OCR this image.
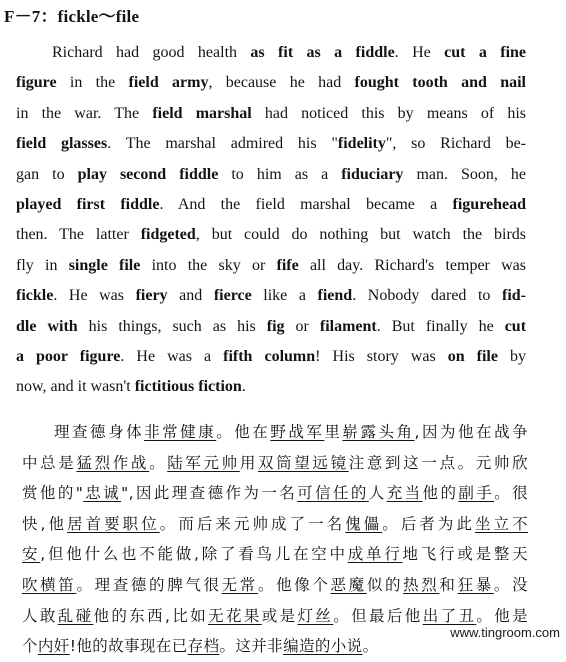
F－7：fickle～file
Richard had good health as fit as a fiddle. He cut a fine
figure in the field army, because he had fought tooth and nail
in the war. The field marshal had noticed this by means of his
field glasses. The marshal admired his "fidelity", so Richard be-
gan to play second fiddle to him as a fiduciary man. Soon, he
played first fiddle. And the field marshal became a figurehead
then. The latter fidgeted, but could do nothing but watch the birds
fly in single file into the sky or fife all day. Richard's temper was
fickle. He was fiery and fierce like a fiend. Nobody dared to fid-
dle with his things, such as his fig or filament. But finally he cut
a poor figure. He was a fifth column! His story was on file by
now, and it wasn't fictitious fiction.
理查德身体非常健康。他在野战军里崭露头角,因为他在战争
中总是猛烈作战。陆军元帅用双筒望远镜注意到这一点。元帅欣
赏他的"忠诚",因此理查德作为一名可信任的人充当他的副手。很
快,他居首要职位。而后来元帅成了一名傀儡。后者为此坐立不
安,但他什么也不能做,除了看鸟儿在空中成单行地飞行或是整天
吹横笛。理查德的脾气很无常。他像个恶魔似的热烈和狂暴。没
人敢乱碰他的东西,比如无花果或是灯丝。但最后他出了丑。他是
个内奸!他的故事现在已存档。这并非编造的小说。
www.tingroom.com
